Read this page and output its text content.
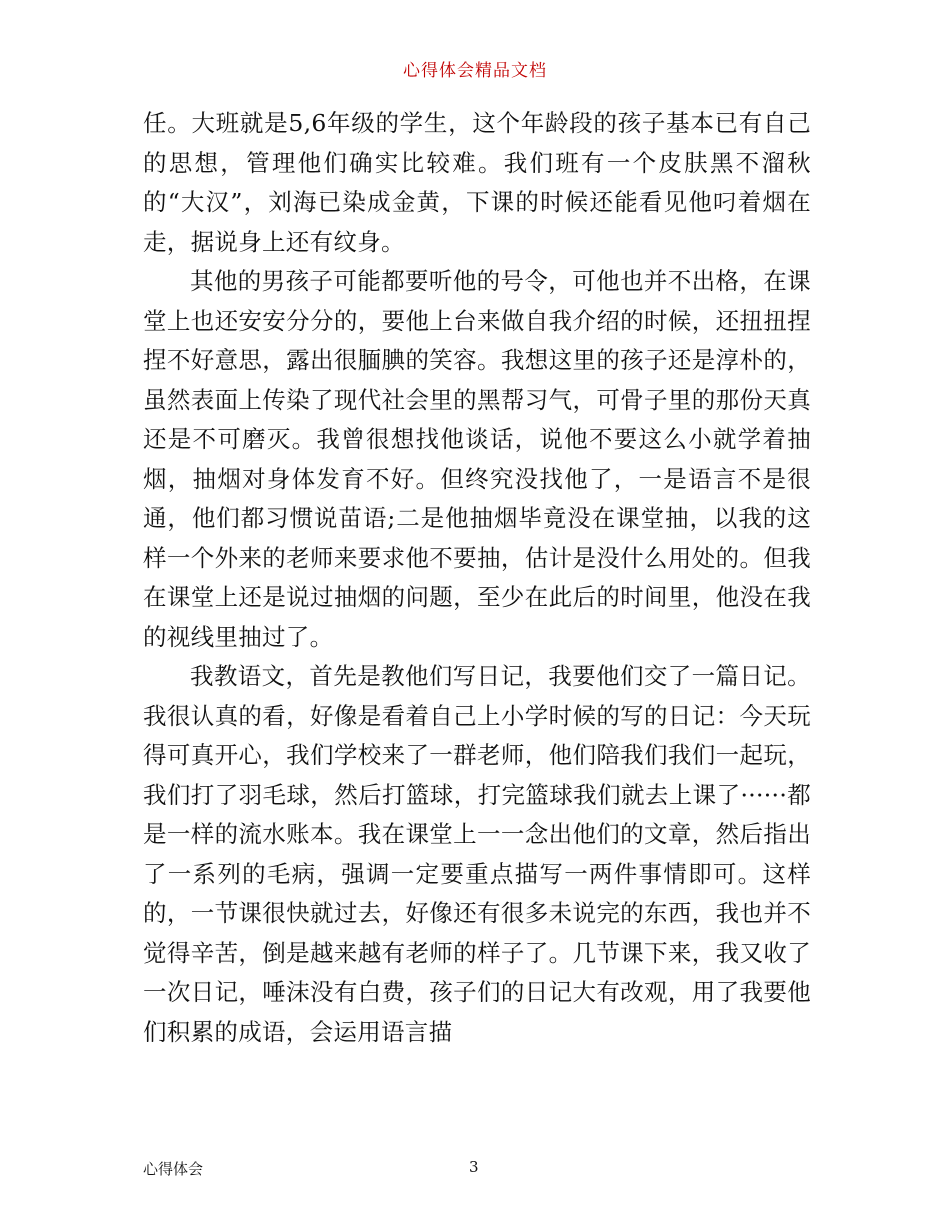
心得体会精品文档

任。大班就是5,6年级的学生，这个年龄段的孩子基本已有自己的思想，管理他们确实比较难。我们班有一个皮肤黑不溜秋的“大汉”，刘海已染成金黄，下课的时候还能看见他叼着烟在走，据说身上还有纹身。

其他的男孩子可能都要听他的号令，可他也并不出格，在课堂上也还安安分分的，要他上台来做自我介绍的时候，还扭扭捏捏不好意思，露出很腼腆的笑容。我想这里的孩子还是淳朴的，虽然表面上传染了现代社会里的黑帮习气，可骨子里的那份天真还是不可磨灭。我曾很想找他谈话，说他不要这么小就学着抽烟，抽烟对身体发育不好。但终究没找他了，一是语言不是很通，他们都习惯说苗语;二是他抽烟毕竟没在课堂抽，以我的这样一个外来的老师来要求他不要抽，估计是没什么用处的。但我在课堂上还是说过抽烟的问题，至少在此后的时间里，他没在我的视线里抽过了。

我教语文，首先是教他们写日记，我要他们交了一篇日记。我很认真的看，好像是看着自己上小学时候的写的日记：今天玩得可真开心，我们学校来了一群老师，他们陪我们我们一起玩，我们打了羽毛球，然后打篮球，打完篮球我们就去上课了······都是一样的流水账本。我在课堂上一一念出他们的文章，然后指出了一系列的毛病，强调一定要重点描写一两件事情即可。这样的，一节课很快就过去，好像还有很多未说完的东西，我也并不觉得辛苦，倒是越来越有老师的样子了。几节课下来，我又收了一次日记，唾沫没有白费，孩子们的日记大有改观，用了我要他们积累的成语，会运用语言描

心得体会	3
